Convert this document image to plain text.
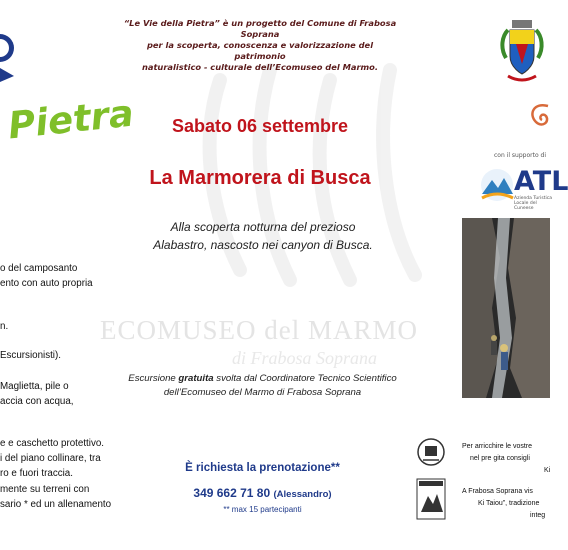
ECOMUSEO del MARMO
di Frabosa Soprana
Pietra
“Le Vie della Pietra” è un progetto del Comune di Frabosa Soprana
per la scoperta, conoscenza e valorizzazione del patrimonio
naturalistico - culturale dell’Ecomuseo del Marmo.
con il supporto di
ATL
Azienda Turistica Locale del Cuneese
Sabato 06 settembre
La Marmorera di Busca
Alla scoperta notturna del prezioso
Alabastro, nascosto nei canyon di Busca.
o del camposanto
ento con auto propria
n.
Escursionisti).
Maglietta, pile o
accia con acqua,
e e caschetto protettivo.
i del piano collinare, tra
ro e fuori traccia.
mente su terreni con
sario * ed un allenamento
Escursione gratuita svolta dal Coordinatore Tecnico Scientifico
dell’Ecomuseo del Marmo di Frabosa Soprana
Per arricchire le vostre
nel pre gita consigli
Ki
A Frabosa Soprana vis
Ki Taiou”, tradizione
integ
È richiesta la prenotazione**
349 662 71 80 (Alessandro)
** max 15 partecipanti
